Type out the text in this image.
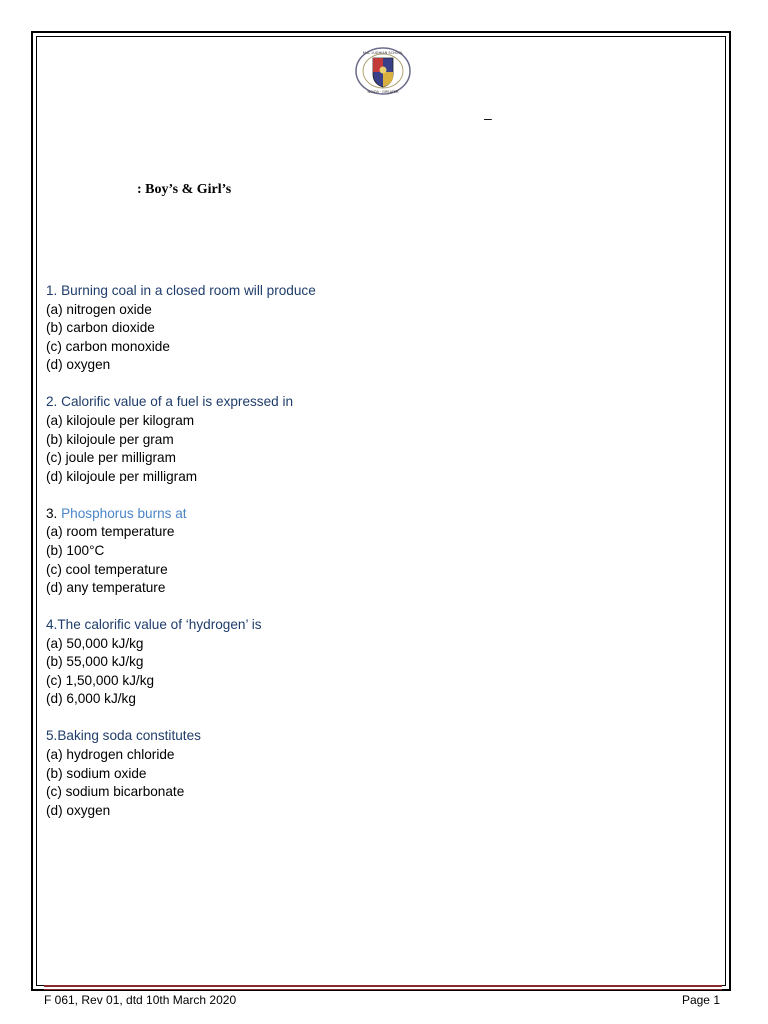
M.A. LUDHIAN SCHOOL
NOIDA · GREATER
–
: Boy’s & Girl’s
1. Burning coal in a closed room will produce
(a) nitrogen oxide
(b) carbon dioxide
(c) carbon monoxide
(d) oxygen
2. Calorific value of a fuel is expressed in
(a) kilojoule per kilogram
(b) kilojoule per gram
(c) joule per milligram
(d) kilojoule per milligram
3. Phosphorus burns at
(a) room temperature
(b) 100°C
(c) cool temperature
(d) any temperature
4.The calorific value of ‘hydrogen’ is
(a) 50,000 kJ/kg
(b) 55,000 kJ/kg
(c) 1,50,000 kJ/kg
(d) 6,000 kJ/kg
5.Baking soda constitutes
(a) hydrogen chloride
(b) sodium oxide
(c) sodium bicarbonate
(d) oxygen
F 061, Rev 01, dtd 10th March 2020	Page 1
